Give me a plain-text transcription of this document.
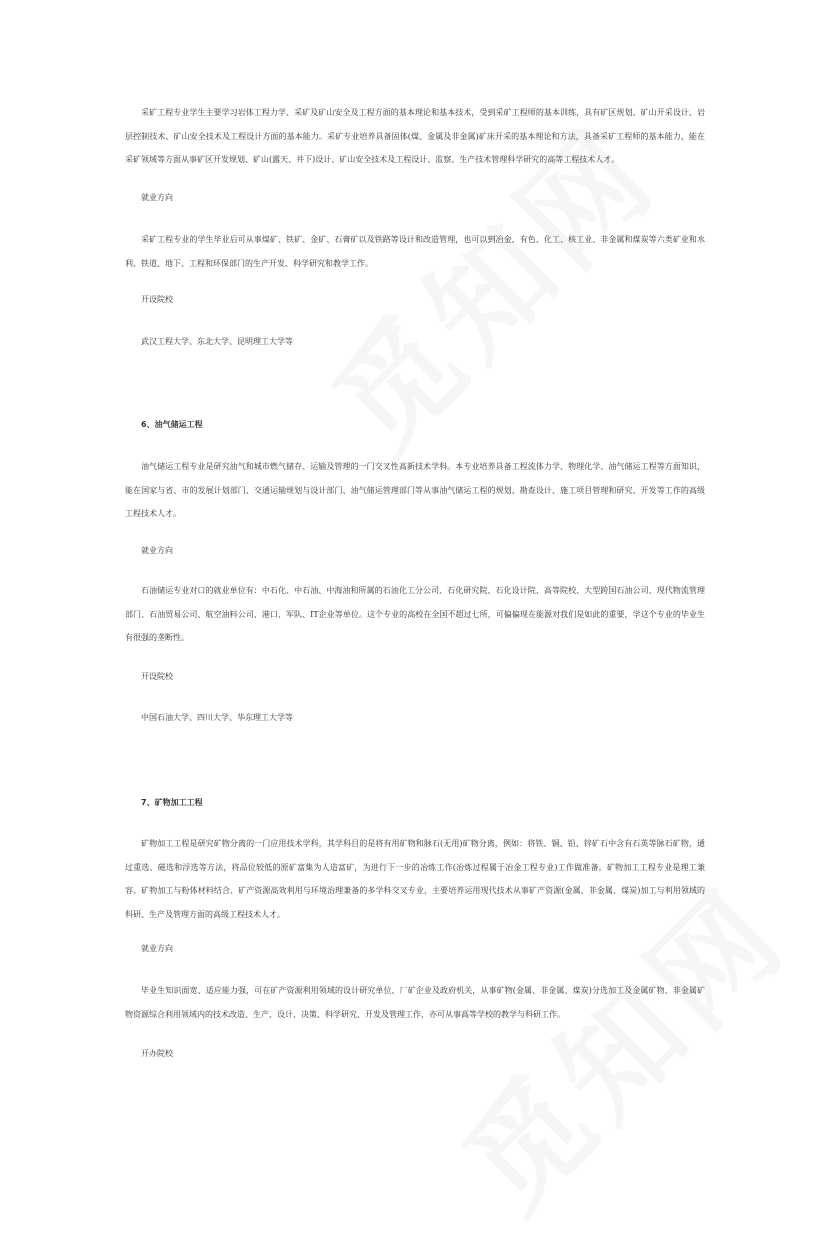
采矿工程专业学生主要学习岩体工程力学、采矿及矿山安全及工程方面的基本理论和基本技术，受到采矿工程师的基本训练，具有矿区规划、矿山开采设计、岩层控制技术、矿山安全技术及工程设计方面的基本能力。采矿专业培养具备固体(煤、金属及非金属)矿床开采的基本理论和方法，具备采矿工程师的基本能力，能在采矿领域等方面从事矿区开发规划、矿山(露天、井下)设计、矿山安全技术及工程设计、监察、生产技术管理科学研究的高等工程技术人才。

就业方向

采矿工程专业的学生毕业后可从事煤矿、铁矿、金矿、石膏矿以及铁路等设计和改造管理，也可以到冶金、有色、化工、核工业、非金属和煤炭等六类矿业和水利、铁道、地下、工程和环保部门的生产开发、科学研究和教学工作。

开设院校

武汉工程大学、东北大学、昆明理工大学等

6、油气储运工程

油气储运工程专业是研究油气和城市燃气储存、运输及管理的一门交叉性高新技术学科。本专业培养具备工程流体力学、物理化学、油气储运工程等方面知识，能在国家与省、市的发展计划部门、交通运输规划与设计部门、油气储运管理部门等从事油气储运工程的规划、勘查设计、施工项目管理和研究、开发等工作的高级工程技术人才。

就业方向

石油储运专业对口的就业单位有：中石化、中石油、中海油和所属的石油化工分公司、石化研究院、石化设计院、高等院校、大型跨国石油公司、现代物流管理部门、石油贸易公司、航空油料公司、港口、军队、IT企业等单位。这个专业的高校在全国不超过七所，可偏偏现在能源对我们是如此的重要，学这个专业的毕业生有很强的垄断性。

开设院校

中国石油大学、四川大学、华东理工大学等

7、矿物加工工程

矿物加工工程是研究矿物分离的一门应用技术学科，其学科目的是将有用矿物和脉石(无用)矿物分离，例如：将铁、铜、铅、锌矿石中含有石英等脉石矿物，通过重选、磁选和浮选等方法，将品位较低的原矿富集为人造富矿，为进行下一步的冶炼工作(冶炼过程属于冶金工程专业)工作做准备。矿物加工工程专业是理工兼容、矿物加工与粉体材料结合、矿产资源高效利用与环境治理兼备的多学科交叉专业，主要培养运用现代技术从事矿产资源(金属、非金属、煤炭)加工与利用领域的科研、生产及管理方面的高级工程技术人才。

就业方向

毕业生知识面宽、适应能力强，可在矿产资源利用领域的设计研究单位、厂矿企业及政府机关，从事矿物(金属、非金属、煤炭)分选加工及金属矿物、非金属矿物资源综合利用领域内的技术改造、生产、设计、决策、科学研究、开发及管理工作，亦可从事高等学校的教学与科研工作。

开办院校
